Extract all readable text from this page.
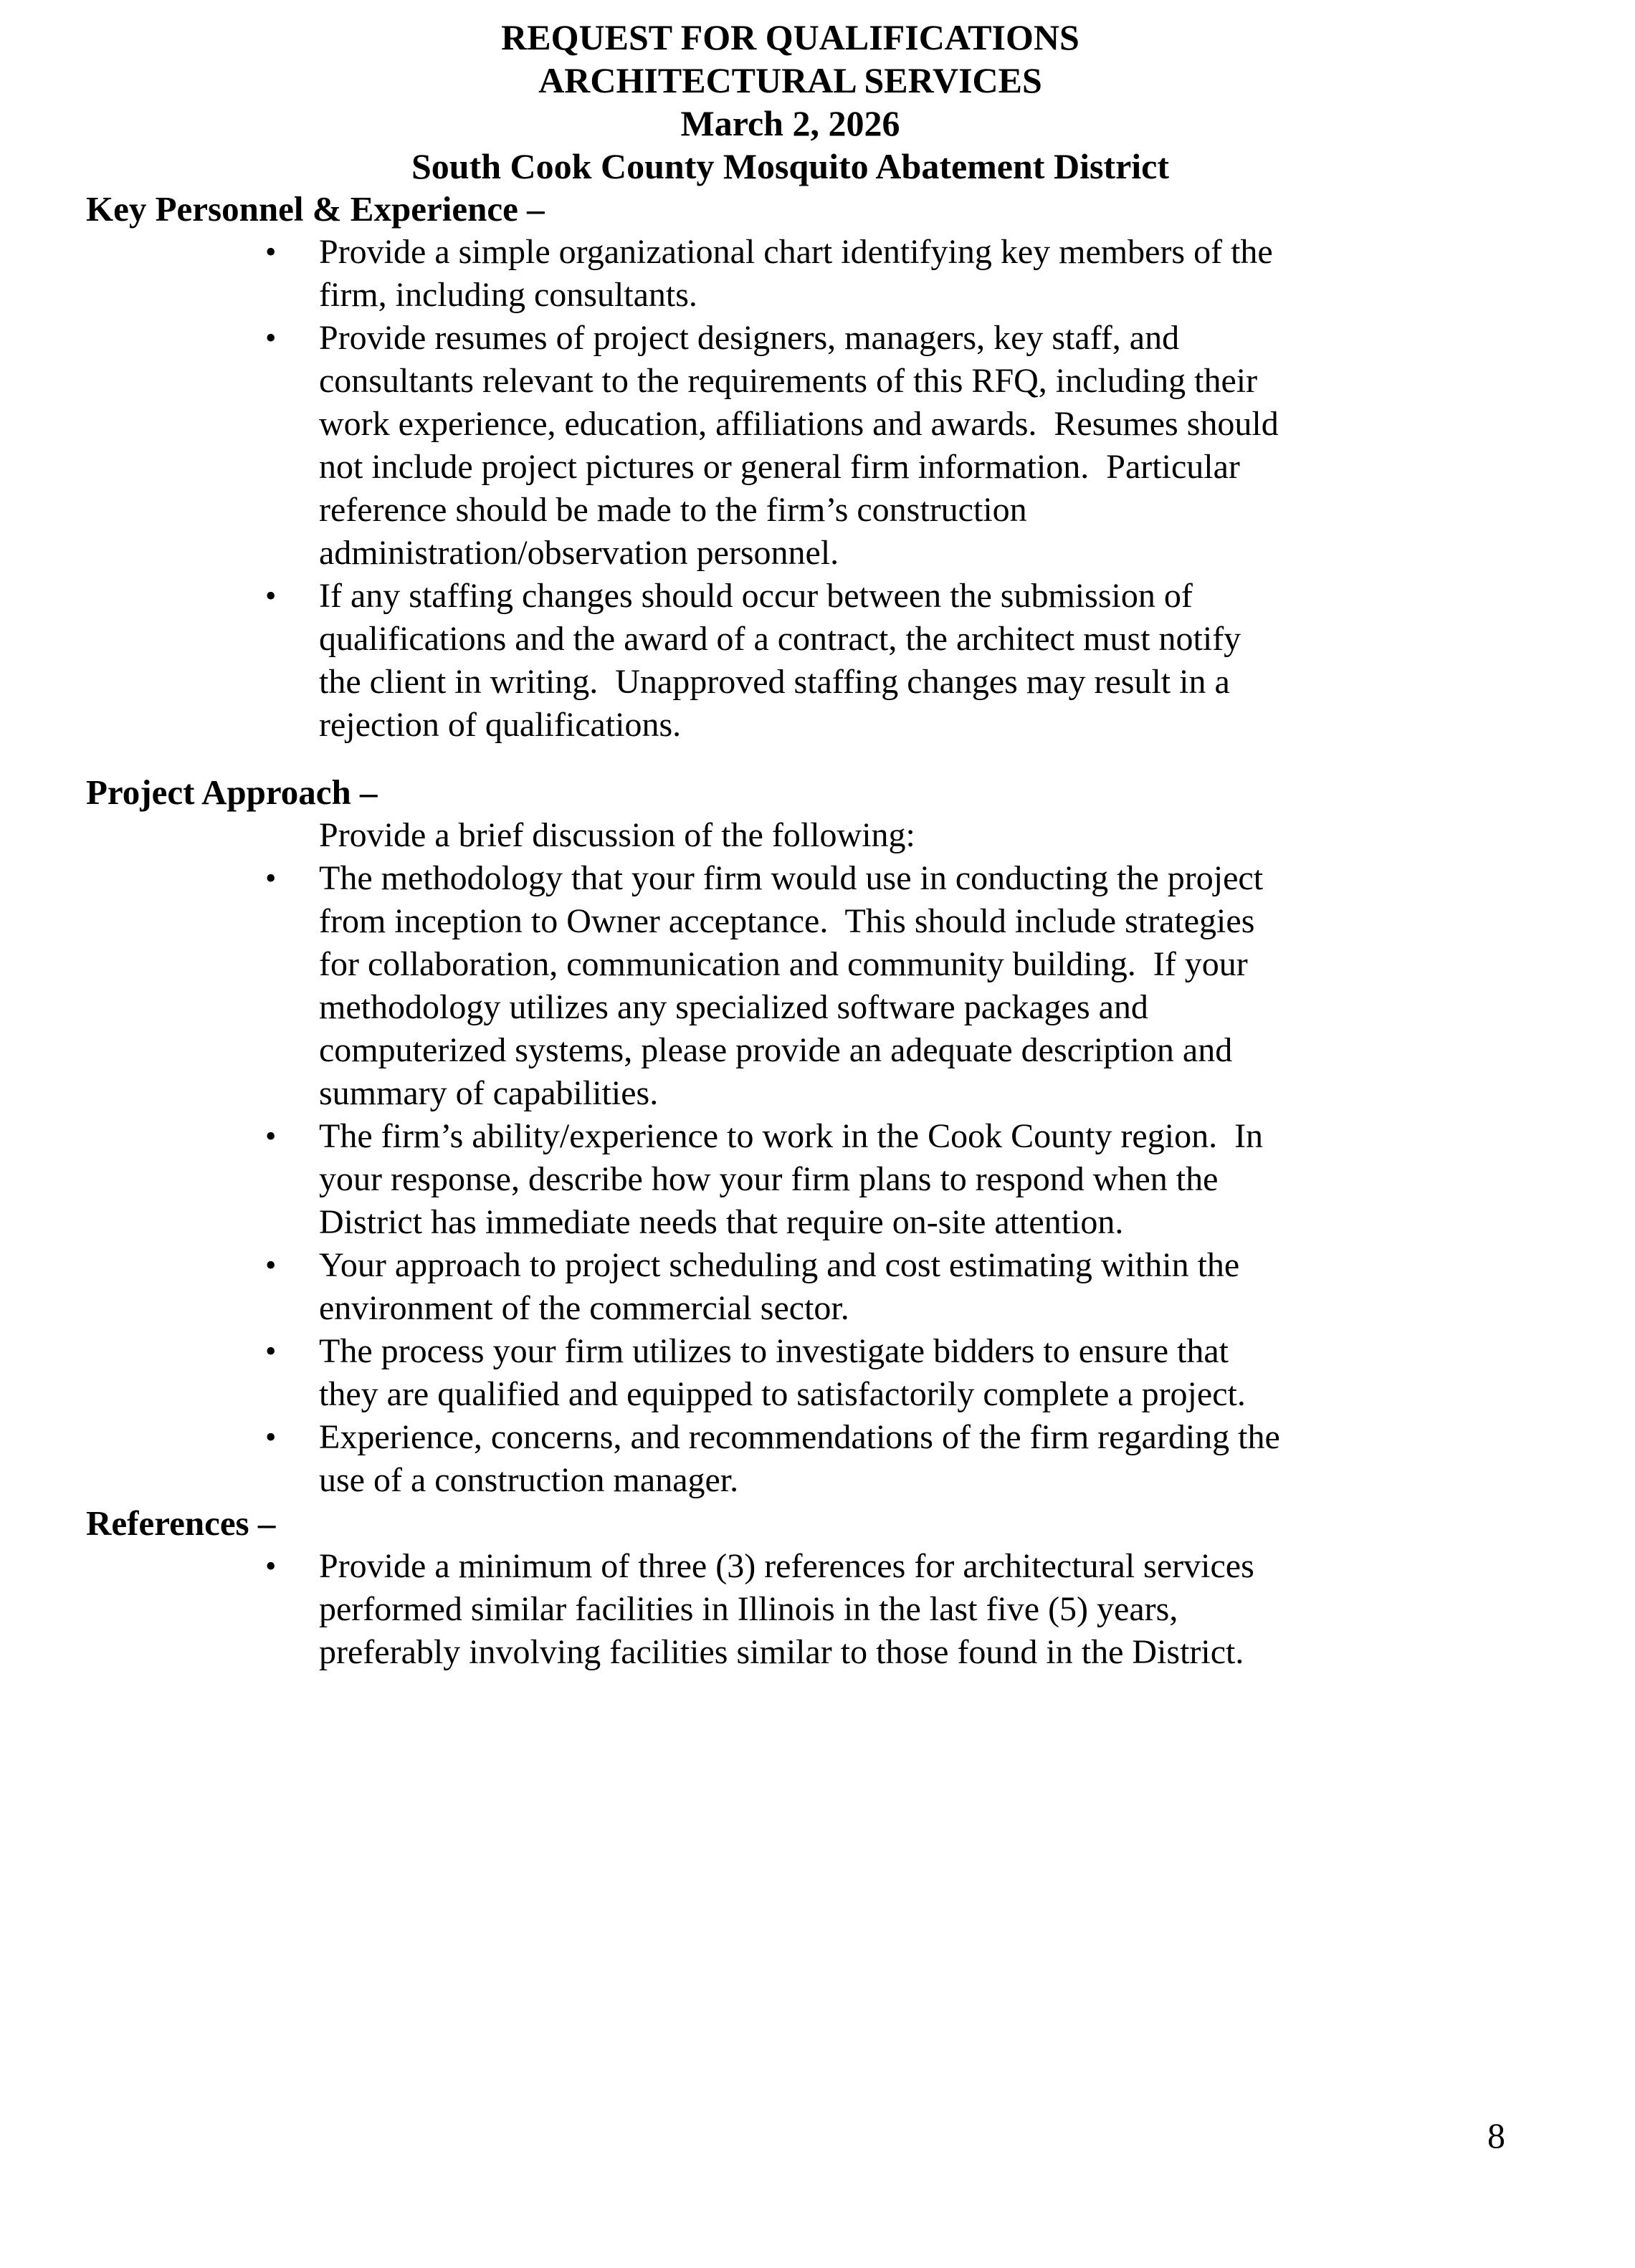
REQUEST FOR QUALIFICATIONS
ARCHITECTURAL SERVICES
March 2, 2026
South Cook County Mosquito Abatement District
Key Personnel & Experience –
•	Provide a simple organizational chart identifying key members of the
firm, including consultants.
•	Provide resumes of project designers, managers, key staff, and
consultants relevant to the requirements of this RFQ, including their
work experience, education, affiliations and awards.  Resumes should
not include project pictures or general firm information.  Particular
reference should be made to the firm’s construction
administration/observation personnel.
•	If any staffing changes should occur between the submission of
qualifications and the award of a contract, the architect must notify
the client in writing.  Unapproved staffing changes may result in a
rejection of qualifications.
Project Approach –
Provide a brief discussion of the following:
•	The methodology that your firm would use in conducting the project
from inception to Owner acceptance.  This should include strategies
for collaboration, communication and community building.  If your
methodology utilizes any specialized software packages and
computerized systems, please provide an adequate description and
summary of capabilities.
•	The firm’s ability/experience to work in the Cook County region.  In
your response, describe how your firm plans to respond when the
District has immediate needs that require on-site attention.
•	Your approach to project scheduling and cost estimating within the
environment of the commercial sector.
•	The process your firm utilizes to investigate bidders to ensure that
they are qualified and equipped to satisfactorily complete a project.
•	Experience, concerns, and recommendations of the firm regarding the
use of a construction manager.
References –
•	Provide a minimum of three (3) references for architectural services
performed similar facilities in Illinois in the last five (5) years,
preferably involving facilities similar to those found in the District.
8
